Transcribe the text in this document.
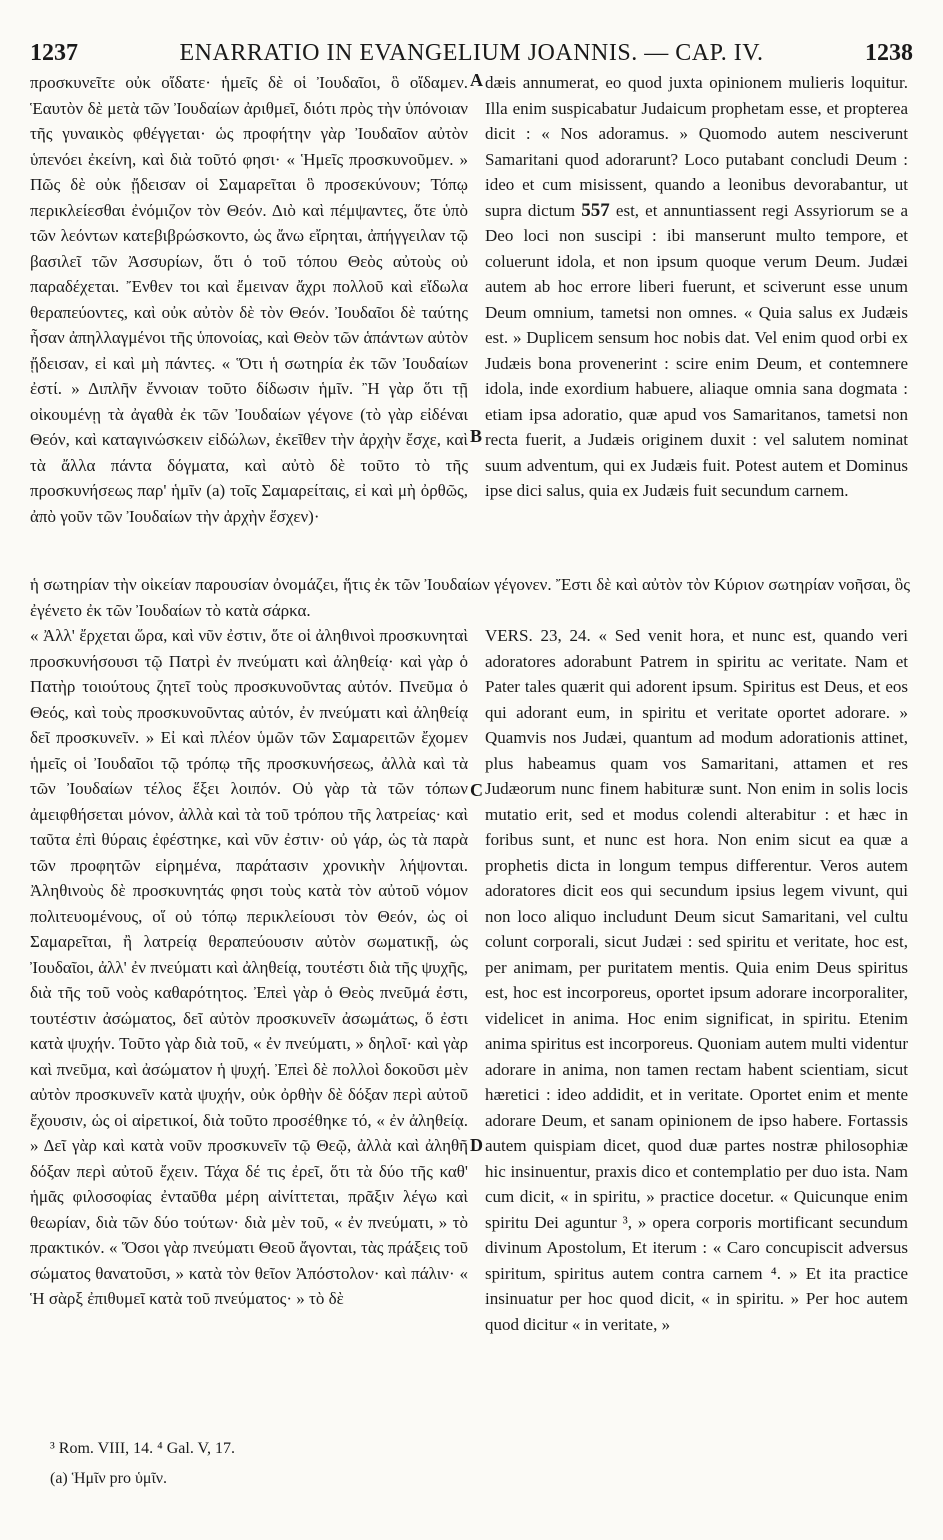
1237	ENARRATIO IN EVANGELIUM JOANNIS. — CAP. IV.	1238

προσκυνεῖτε οὐκ οἴδατε· ἡμεῖς δὲ οἱ Ἰουδαῖοι, ὃ οἴδαμεν. Ἑαυτὸν δὲ μετὰ τῶν Ἰουδαίων ἀριθμεῖ, διότι πρὸς τὴν ὑπόνοιαν τῆς γυναικὸς φθέγγεται· ὡς προφήτην γὰρ Ἰουδαῖον αὐτὸν ὑπενόει ἐκείνη, καὶ διὰ τοῦτό φησι· « Ἡμεῖς προσκυνοῦμεν. » Πῶς δὲ οὐκ ᾔδεισαν οἱ Σαμαρεῖται ὃ προσεκύνουν; Τόπῳ περικλείεσθαι ἐνόμιζον τὸν Θεόν. Διὸ καὶ πέμψαντες, ὅτε ὑπὸ τῶν λεόντων κατεβιβρώσκοντο, ὡς ἄνω εἴρηται, ἀπήγγειλαν τῷ βασιλεῖ τῶν Ἀσσυρίων, ὅτι ὁ τοῦ τόπου Θεὸς αὐτοὺς οὐ παραδέχεται. Ἔνθεν τοι καὶ ἔμειναν ἄχρι πολλοῦ καὶ εἴδωλα θεραπεύοντες, καὶ οὐκ αὐτὸν δὲ τὸν Θεόν. Ἰουδαῖοι δὲ ταύτης ἦσαν ἀπηλλαγμένοι τῆς ὑπονοίας, καὶ Θεὸν τῶν ἁπάντων αὐτὸν ᾔδεισαν, εἰ καὶ μὴ πάντες. « Ὅτι ἡ σωτηρία ἐκ τῶν Ἰουδαίων ἐστί. » Διπλῆν ἔννοιαν τοῦτο δίδωσιν ἡμῖν. Ἢ γὰρ ὅτι τῇ οἰκουμένῃ τὰ ἀγαθὰ ἐκ τῶν Ἰουδαίων γέγονε (τὸ γὰρ εἰδέναι Θεόν, καὶ καταγινώσκειν εἰδώλων, ἐκεῖθεν τὴν ἀρχὴν ἔσχε, καὶ τὰ ἄλλα πάντα δόγματα, καὶ αὐτὸ δὲ τοῦτο τὸ τῆς προσκυνήσεως παρ' ἡμῖν (a) τοῖς Σαμαρείταις, εἰ καὶ μὴ ὀρθῶς, ἀπὸ γοῦν τῶν Ἰουδαίων τὴν ἀρχὴν ἔσχεν)·

dæis annumerat, eo quod juxta opinionem mulieris loquitur. Illa enim suspicabatur Judaicum prophetam esse, et propterea dicit : « Nos adoramus. » Quomodo autem nesciverunt Samaritani quod adorarunt? Loco putabant concludi Deum : ideo et cum misissent, quando a leonibus devorabantur, ut supra dictum 557 est, et annuntiassent regi Assyriorum se a Deo loci non suscipi : ibi manserunt multo tempore, et coluerunt idola, et non ipsum quoque verum Deum. Judæi autem ab hoc errore liberi fuerunt, et sciverunt esse unum Deum omnium, tametsi non omnes. « Quia salus ex Judæis est. » Duplicem sensum hoc nobis dat. Vel enim quod orbi ex Judæis bona provenerint : scire enim Deum, et contemnere idola, inde exordium habuere, aliaque omnia sana dogmata : etiam ipsa adoratio, quæ apud vos Samaritanos, tametsi non recta fuerit, a Judæis originem duxit : vel salutem nominat suum adventum, qui ex Judæis fuit. Potest autem et Dominus ipse dici salus, quia ex Judæis fuit secundum carnem.

ἡ σωτηρίαν τὴν οἰκείαν παρουσίαν ὀνομάζει, ἥτις ἐκ τῶν Ἰουδαίων γέγονεν. Ἔστι δὲ καὶ αὐτὸν τὸν Κύριον σωτηρίαν νοῆσαι, ὃς ἐγένετο ἐκ τῶν Ἰουδαίων τὸ κατὰ σάρκα.

« Ἀλλ' ἔρχεται ὥρα, καὶ νῦν ἐστιν, ὅτε οἱ ἀληθινοὶ προσκυνηταὶ προσκυνήσουσι τῷ Πατρὶ ἐν πνεύματι καὶ ἀληθείᾳ· καὶ γὰρ ὁ Πατὴρ τοιούτους ζητεῖ τοὺς προσκυνοῦντας αὐτόν. Πνεῦμα ὁ Θεός, καὶ τοὺς προσκυνοῦντας αὐτόν, ἐν πνεύματι καὶ ἀληθείᾳ δεῖ προσκυνεῖν. » Εἰ καὶ πλέον ὑμῶν τῶν Σαμαρειτῶν ἔχομεν ἡμεῖς οἱ Ἰουδαῖοι τῷ τρόπῳ τῆς προσκυνήσεως, ἀλλὰ καὶ τὰ τῶν Ἰουδαίων τέλος ἕξει λοιπόν. Οὐ γὰρ τὰ τῶν τόπων ἀμειφθήσεται μόνον, ἀλλὰ καὶ τὰ τοῦ τρόπου τῆς λατρείας· καὶ ταῦτα ἐπὶ θύραις ἐφέστηκε, καὶ νῦν ἐστιν· οὐ γάρ, ὡς τὰ παρὰ τῶν προφητῶν εἰρημένα, παράτασιν χρονικὴν λήψονται. Ἀληθινοὺς δὲ προσκυνητάς φησι τοὺς κατὰ τὸν αὐτοῦ νόμον πολιτευομένους, οἵ οὐ τόπῳ περικλείουσι τὸν Θεόν, ὡς οἱ Σαμαρεῖται, ἢ λατρείᾳ θεραπεύουσιν αὐτὸν σωματικῇ, ὡς Ἰουδαῖοι, ἀλλ' ἐν πνεύματι καὶ ἀληθείᾳ, τουτέστι διὰ τῆς ψυχῆς, διὰ τῆς τοῦ νοὸς καθαρότητος. Ἐπεὶ γὰρ ὁ Θεὸς πνεῦμά ἐστι, τουτέστιν ἀσώματος, δεῖ αὐτὸν προσκυνεῖν ἀσωμάτως, ὅ ἐστι κατὰ ψυχήν. Τοῦτο γὰρ διὰ τοῦ, « ἐν πνεύματι, » δηλοῖ· καὶ γὰρ καὶ πνεῦμα, καὶ ἀσώματον ἡ ψυχή. Ἐπεὶ δὲ πολλοὶ δοκοῦσι μὲν αὐτὸν προσκυνεῖν κατὰ ψυχήν, οὐκ ὀρθὴν δὲ δόξαν περὶ αὐτοῦ ἔχουσιν, ὡς οἱ αἱρετικοί, διὰ τοῦτο προσέθηκε τό, « ἐν ἀληθείᾳ. » Δεῖ γὰρ καὶ κατὰ νοῦν προσκυνεῖν τῷ Θεῷ, ἀλλὰ καὶ ἀληθῆ δόξαν περὶ αὐτοῦ ἔχειν. Τάχα δέ τις ἐρεῖ, ὅτι τὰ δύο τῆς καθ' ἡμᾶς φιλοσοφίας ἐνταῦθα μέρη αἰνίττεται, πρᾶξιν λέγω καὶ θεωρίαν, διὰ τῶν δύο τούτων· διὰ μὲν τοῦ, « ἐν πνεύματι, » τὸ πρακτικόν. « Ὅσοι γὰρ πνεύματι Θεοῦ ἄγονται, τὰς πράξεις τοῦ σώματος θανατοῦσι, » κατὰ τὸν θεῖον Ἀπόστολον· καὶ πάλιν· « Ἡ σὰρξ ἐπιθυμεῖ κατὰ τοῦ πνεύματος· » τὸ δὲ

VERS. 23, 24. « Sed venit hora, et nunc est, quando veri adoratores adorabunt Patrem in spiritu ac veritate. Nam et Pater tales quærit qui adorent ipsum. Spiritus est Deus, et eos qui adorant eum, in spiritu et veritate oportet adorare. » Quamvis nos Judæi, quantum ad modum adorationis attinet, plus habeamus quam vos Samaritani, attamen et res Judæorum nunc finem habituræ sunt. Non enim in solis locis mutatio erit, sed et modus colendi alterabitur : et hæc in foribus sunt, et nunc est hora. Non enim sicut ea quæ a prophetis dicta in longum tempus differentur. Veros autem adoratores dicit eos qui secundum ipsius legem vivunt, qui non loco aliquo includunt Deum sicut Samaritani, vel cultu colunt corporali, sicut Judæi : sed spiritu et veritate, hoc est, per animam, per puritatem mentis. Quia enim Deus spiritus est, hoc est incorporeus, oportet ipsum adorare incorporaliter, videlicet in anima. Hoc enim significat, in spiritu. Etenim anima spiritus est incorporeus. Quoniam autem multi videntur adorare in anima, non tamen rectam habent scientiam, sicut hæretici : ideo addidit, et in veritate. Oportet enim et mente adorare Deum, et sanam opinionem de ipso habere. Fortassis autem quispiam dicet, quod duæ partes nostræ philosophiæ hic insinuentur, praxis dico et contemplatio per duo ista. Nam cum dicit, « in spiritu, » practice docetur. « Quicunque enim spiritu Dei aguntur ³, » opera corporis mortificant secundum divinum Apostolum, Et iterum : « Caro concupiscit adversus spiritum, spiritus autem contra carnem ⁴. » Et ita practice insinuatur per hoc quod dicit, « in spiritu. » Per hoc autem quod dicitur « in veritate, »

A
B
C
D
³ Rom. VIII, 14. ⁴ Gal. V, 17.
(a) Ἡμῖν pro ὑμῖν.
